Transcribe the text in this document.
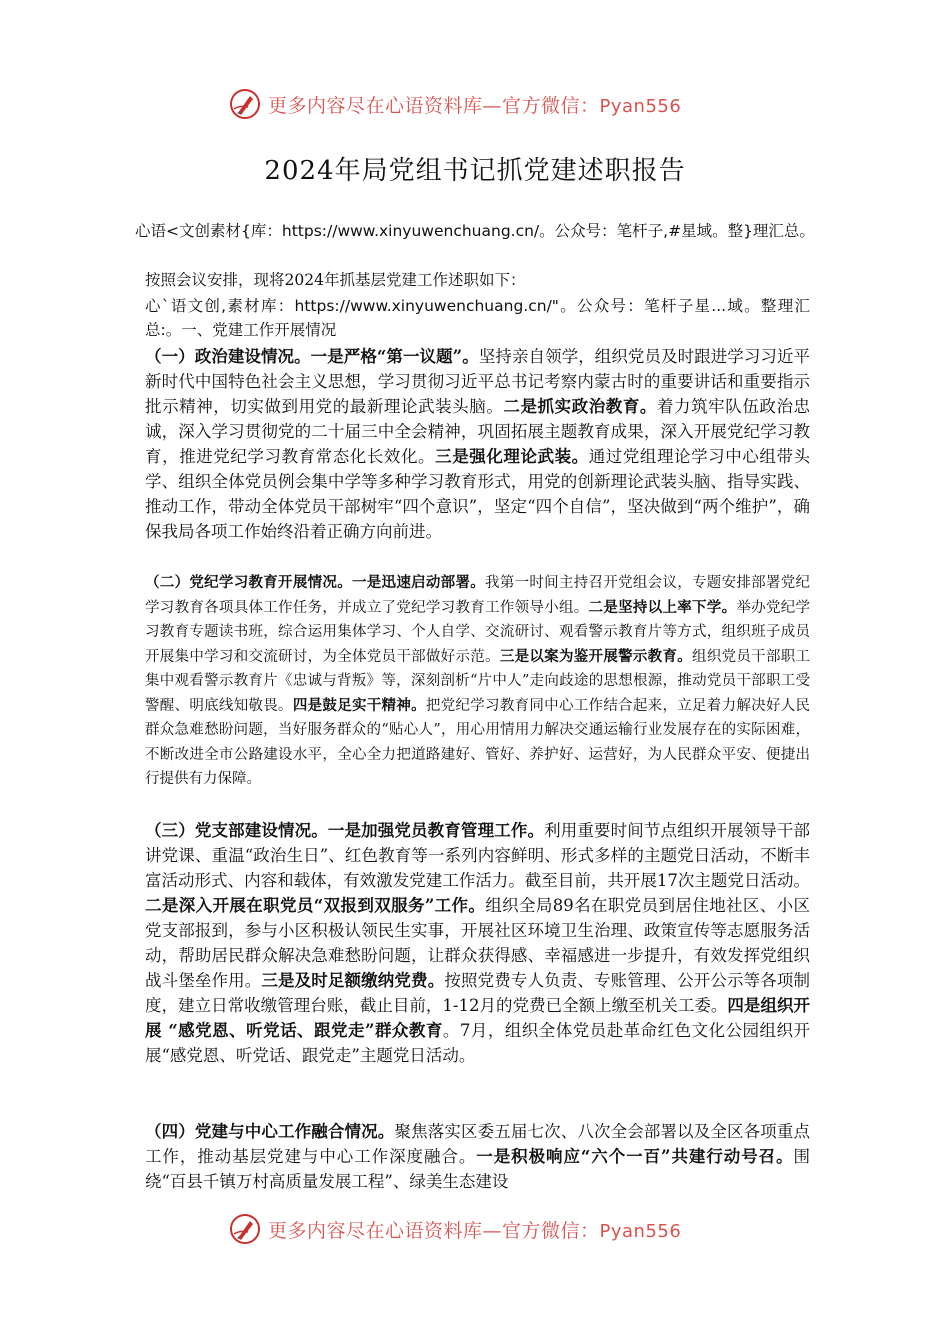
更多内容尽在心语资料库—官方微信：Pyan556
2024年局党组书记抓党建述职报告
心语<文创素材{库：https://www.xinyuwenchuang.cn/。公众号：笔杆子,#星域。整}理汇总。
按照会议安排，现将2024年抓基层党建工作述职如下：
心`语文创,素材库：https://www.xinyuwenchuang.cn/"。公众号：笔杆子星...域。整理汇总:。一、党建工作开展情况

（一）政治建设情况。一是严格“第一议题”。坚持亲自领学，组织党员及时跟进学习习近平新时代中国特色社会主义思想，学习贯彻习近平总书记考察内蒙古时的重要讲话和重要指示批示精神，切实做到用党的最新理论武装头脑。二是抓实政治教育。着力筑牢队伍政治忠诚，深入学习贯彻党的二十届三中全会精神，巩固拓展主题教育成果，深入开展党纪学习教育，推进党纪学习教育常态化长效化。三是强化理论武装。通过党组理论学习中心组带头学、组织全体党员例会集中学等多种学习教育形式，用党的创新理论武装头脑、指导实践、推动工作，带动全体党员干部树牢“四个意识”，坚定“四个自信”，坚决做到“两个维护”，确保我局各项工作始终沿着正确方向前进。

（二）党纪学习教育开展情况。一是迅速启动部署。我第一时间主持召开党组会议，专题安排部署党纪学习教育各项具体工作任务，并成立了党纪学习教育工作领导小组。二是坚持以上率下学。举办党纪学习教育专题读书班，综合运用集体学习、个人自学、交流研讨、观看警示教育片等方式，组织班子成员开展集中学习和交流研讨，为全体党员干部做好示范。三是以案为鉴开展警示教育。组织党员干部职工集中观看警示教育片《忠诚与背叛》等，深刻剖析“片中人”走向歧途的思想根源，推动党员干部职工受警醒、明底线知敬畏。四是鼓足实干精神。把党纪学习教育同中心工作结合起来，立足着力解决好人民群众急难愁盼问题，当好服务群众的“贴心人”，用心用情用力解决交通运输行业发展存在的实际困难，不断改进全市公路建设水平，全心全力把道路建好、管好、养护好、运营好，为人民群众平安、便捷出行提供有力保障。

（三）党支部建设情况。一是加强党员教育管理工作。利用重要时间节点组织开展领导干部讲党课、重温“政治生日”、红色教育等一系列内容鲜明、形式多样的主题党日活动，不断丰富活动形式、内容和载体，有效激发党建工作活力。截至目前，共开展17次主题党日活动。二是深入开展在职党员“双报到双服务”工作。组织全局89名在职党员到居住地社区、小区党支部报到，参与小区积极认领民生实事，开展社区环境卫生治理、政策宣传等志愿服务活动，帮助居民群众解决急难愁盼问题，让群众获得感、幸福感进一步提升，有效发挥党组织战斗堡垒作用。三是及时足额缴纳党费。按照党费专人负责、专账管理、公开公示等各项制度，建立日常收缴管理台账，截止目前，1-12月的党费已全额上缴至机关工委。四是组织开展 “感党恩、听党话、跟党走”群众教育。7月，组织全体党员赴革命红色文化公园组织开展“感党恩、听党话、跟党走”主题党日活动。

（四）党建与中心工作融合情况。聚焦落实区委五届七次、八次全会部署以及全区各项重点工作，推动基层党建与中心工作深度融合。一是积极响应“六个一百”共建行动号召。围绕“百县千镇万村高质量发展工程”、绿美生态建设

更多内容尽在心语资料库—官方微信：Pyan556
